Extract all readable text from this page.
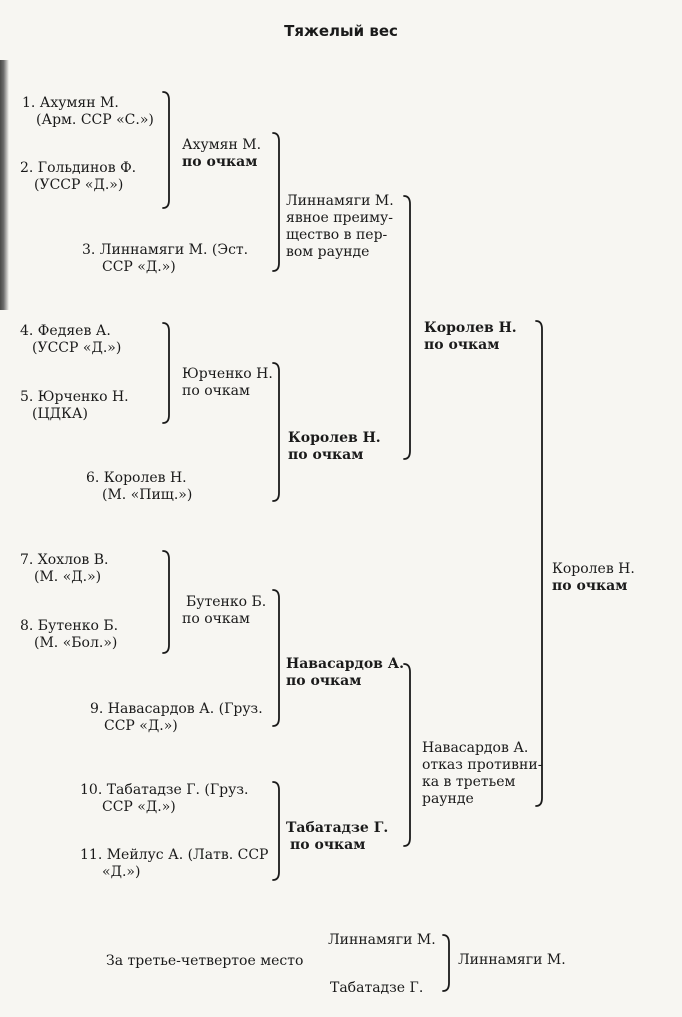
Тяжелый вес
1. Ахумян М.
(Арм. ССР «С.»)
2. Гольдинов Ф.
(УССР «Д.»)
3. Линнамяги М. (Эст.
ССР «Д.»)
4. Федяев А.
(УССР «Д.»)
5. Юрченко Н.
(ЦДКА)
6. Королев Н.
(М. «Пищ.»)
7. Хохлов В.
(М. «Д.»)
8. Бутенко Б.
(М. «Бол.»)
9. Навасардов А. (Груз.
ССР «Д.»)
10. Табатадзе Г. (Груз.
ССР «Д.»)
11. Мейлус А. (Латв. ССР
«Д.»)
Ахумян М.
по очкам
Юрченко Н.
по очкам
Бутенко Б.
по очкам
Табатадзе Г.
по очкам
Линнамяги М.
явное преиму-
щество в пер-
вом раунде
Королев Н.
по очкам
Навасардов А.
по очкам
Королев Н.
по очкам
Навасардов А.
отказ противни-
ка в третьем
раунде
Королев Н.
по очкам
За третье-четвертое место
Линнамяги М.
Табатадзе Г.
Линнамяги М.
